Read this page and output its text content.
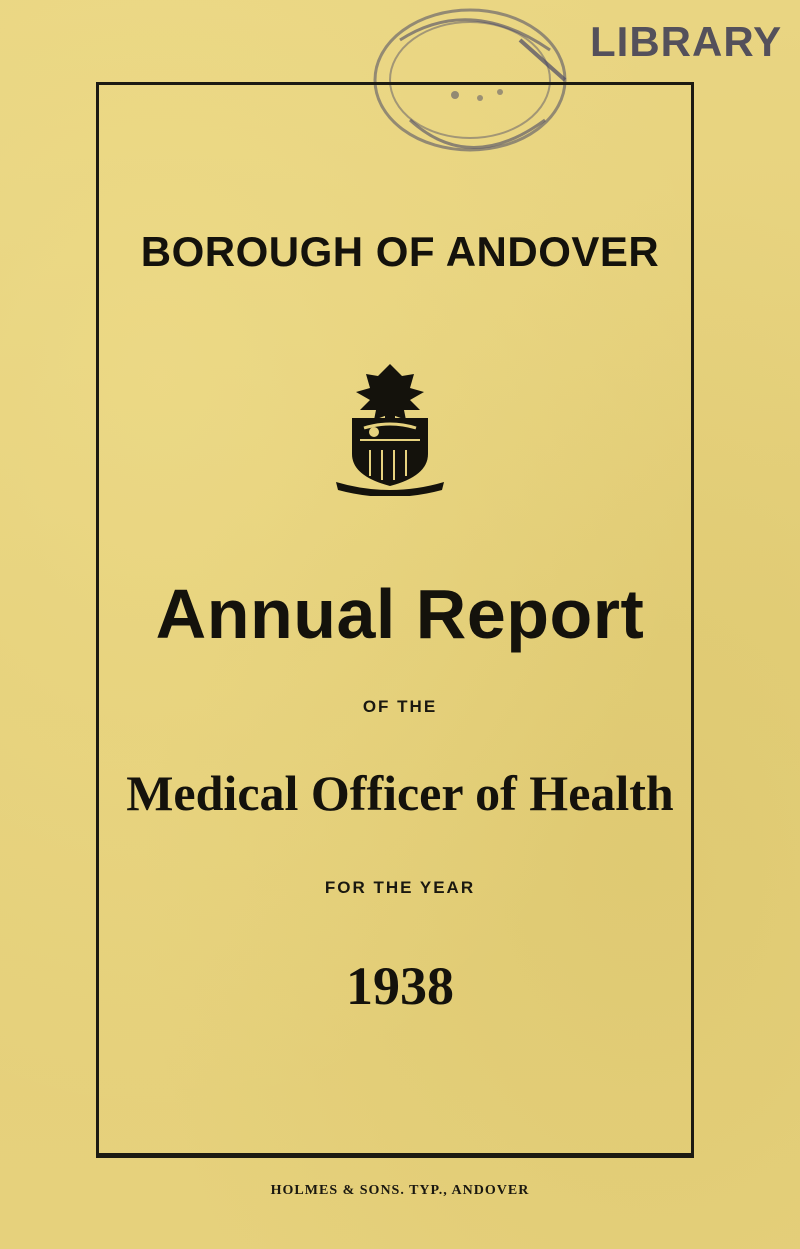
LIBRARY
BOROUGH OF ANDOVER
Annual Report
OF THE
Medical Officer of Health
FOR THE YEAR
1938
HOLMES & SONS. TYP., ANDOVER
